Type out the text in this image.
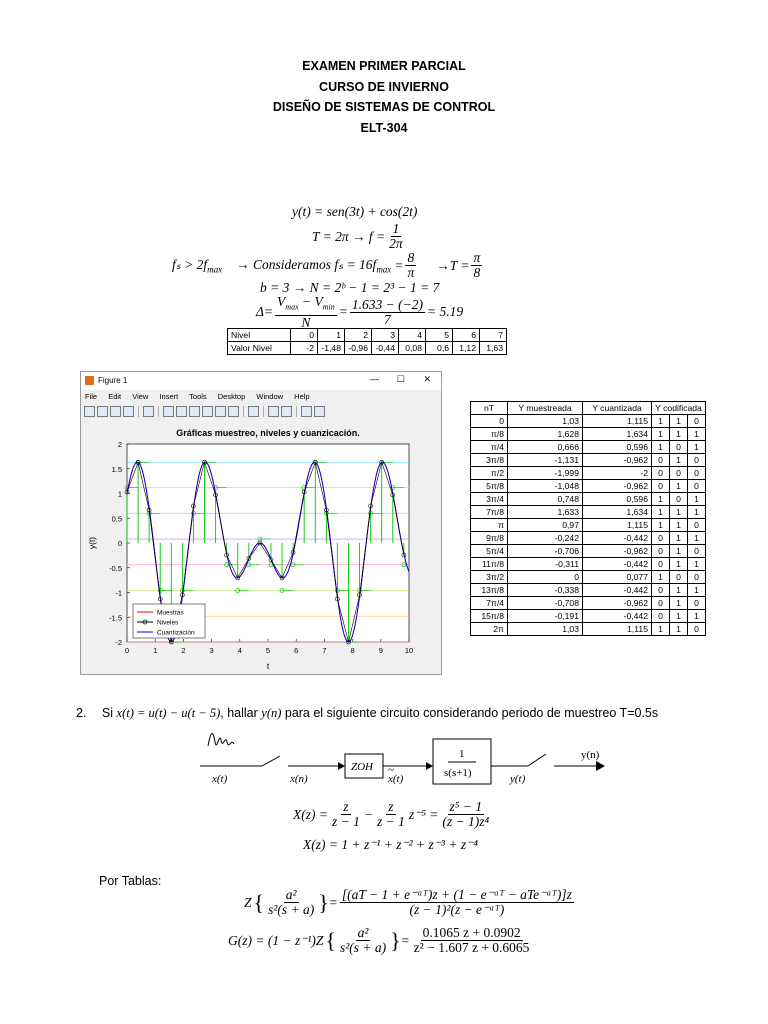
EXAMEN PRIMER PARCIAL
CURSO DE INVIERNO
DISEÑO DE SISTEMAS DE CONTROL
ELT-304
y(t) = sen(3t) + cos(2t)
$T = 2\pi \to f = \frac{1}{2\pi}$
$f_s > 2f_{max}$ → Consideramos $f_s = 16f_{max} = \frac{8}{\pi} \to T = \frac{\pi}{8}$
b = 3 → N = 2ᵇ − 1 = 2³ − 1 = 7
$\Delta= \frac{V_{max} - V_{min}}{N} = \frac{1.633 - (-2)}{7} = 5.19$
Nivel	0	1	2	3	4	5	6	7
Valor Nivel	-2	-1,48	-0,96	-0,44	0,08	0,6	1,12	1,63
Figure 1	— ☐ ✕
File Edit View Insert Tools Desktop Window Help
Gráficas muestreo, niveles y cuanzicación.
t
y(t)
0	1	2	3	4	5	6	7	8	9	10
2
1.5
1
0.5
0
-0.5
-1
-1.5
-2
Muestras
Niveles
Cuantización
nT	Y muestreada	Y cuantizada	Y codificada		
0	1,03	1,115	1	1	0
π/8	1,628	1,634	1	1	1
π/4	0,666	0,596	1	0	1
3π/8	-1,131	-0,962	0	1	0
π/2	-1,999	-2	0	0	0
5π/8	-1,048	-0,962	0	1	0
3π/4	0,748	0,596	1	0	1
7π/8	1,633	1,634	1	1	1
π	0,97	1,115	1	1	0
9π/8	-0,242	-0,442	0	1	1
5π/4	-0,706	-0,962	0	1	0
11π/8	-0,311	-0,442	0	1	1
3π/2	0	0,077	1	0	0
13π/8	-0,338	-0,442	0	1	1
7π/4	-0,708	-0,962	0	1	0
15π/8	-0,191	-0,442	0	1	1
2π	1,03	1,115	1	1	0
2. Si x(t) = u(t) − u(t − 5), hallar y(n) para el siguiente circuito considerando periodo de muestreo T=0.5s
x(t)	x(n)
ZOH
x(t)
~
1
s(s+1)	y(t)
y(n)
$X(z) = \frac{z}{z - 1} - \frac{z}{z - 1} z^{-5} = \frac{\text{z⁵ − 1}}{\text{(z − 1)z⁴}}$
X(z) = 1 + z⁻¹ + z⁻² + z⁻³ + z⁻⁴
Por Tablas:
Z { $\frac{\text{a²}}{\text{s²(s + a)}}$ } = $\frac{\text{[(aT − 1 + e⁻ᵃᵀ)z + (1 − e⁻ᵃᵀ − aTe⁻ᵃᵀ)]z}}{\text{(z − 1)²(z − e⁻ᵃᵀ)}}$
G(z) = (1 − z⁻¹)Z { $\frac{\text{a²}}{\text{s²(s + a)}}$ } = $\frac{0.1065 z + 0.0902}{\text{z² − 1.607 z + 0.6065}}$
